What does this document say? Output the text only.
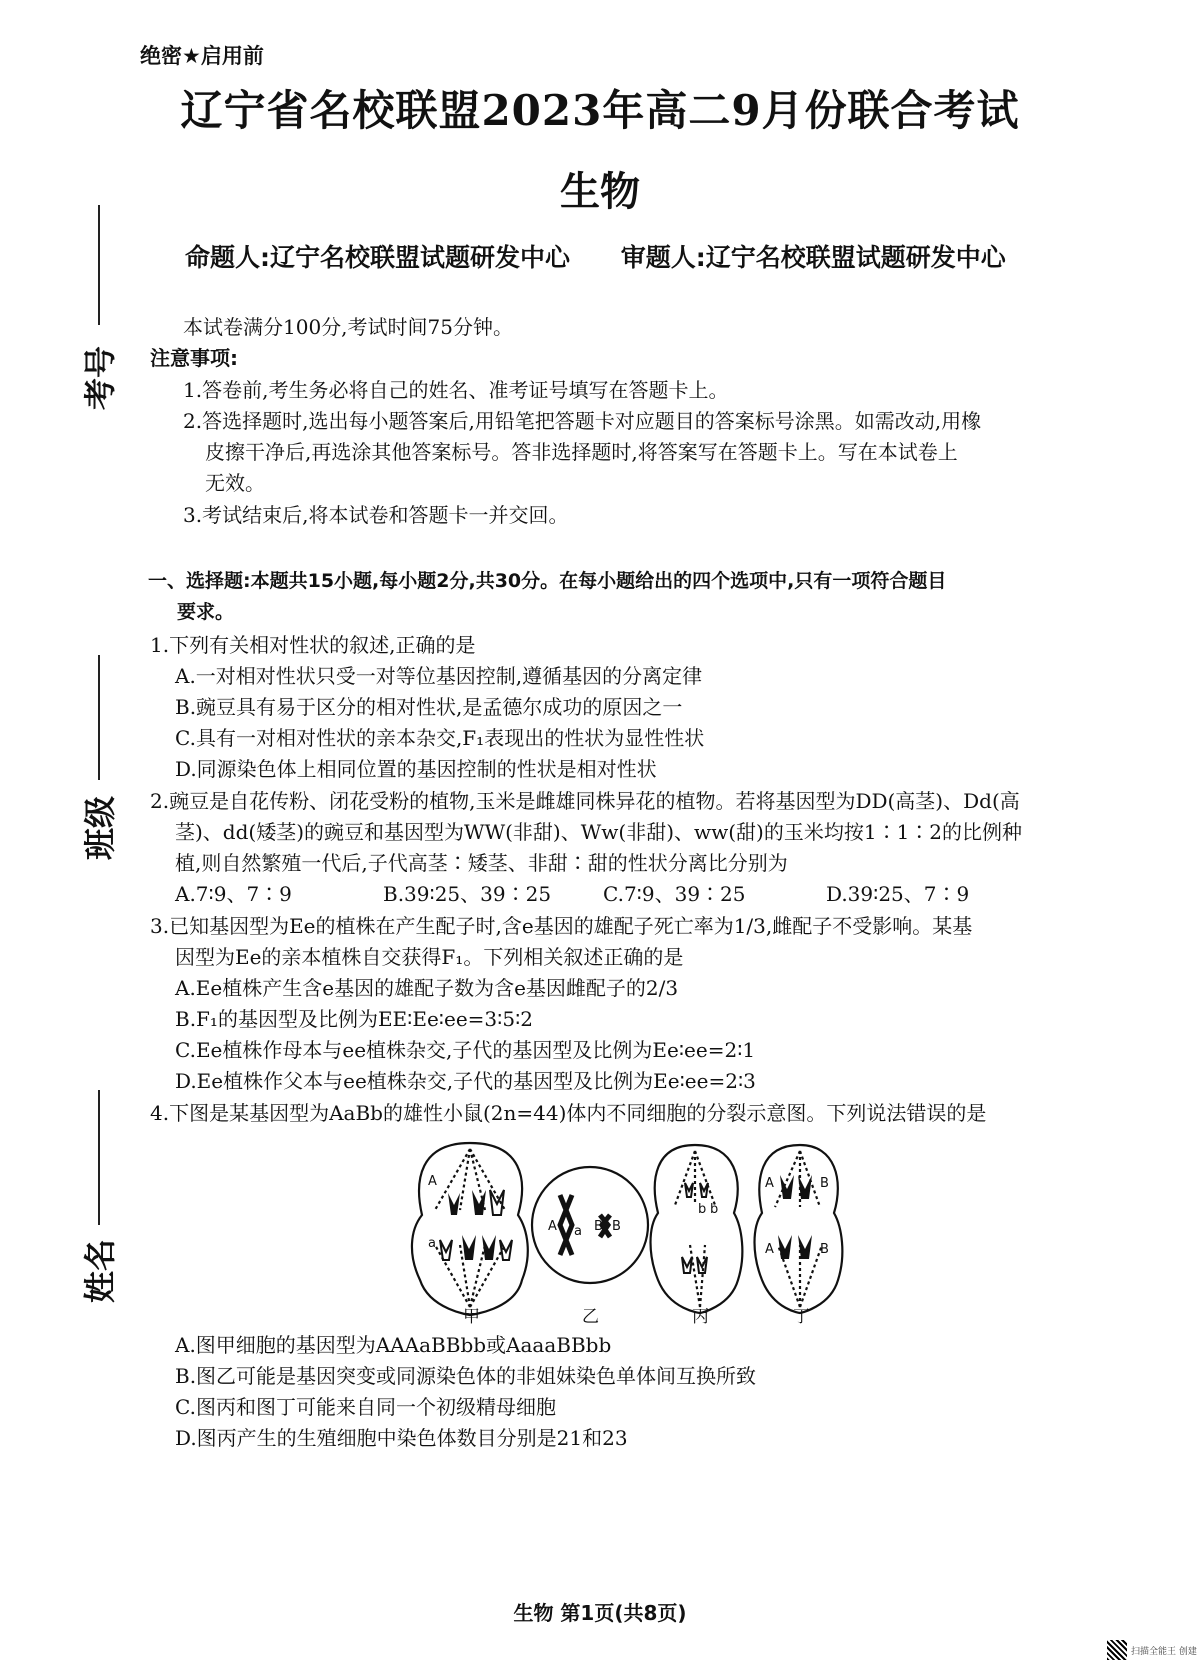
绝密★启用前
辽宁省名校联盟2023年高二9月份联合考试
生物
命题人:辽宁名校联盟试题研发中心 审题人:辽宁名校联盟试题研发中心
考号
班级
姓名
本试卷满分100分,考试时间75分钟。
注意事项:
1.答卷前,考生务必将自己的姓名、准考证号填写在答题卡上。
2.答选择题时,选出每小题答案后,用铅笔把答题卡对应题目的答案标号涂黑。如需改动,用橡
皮擦干净后,再选涂其他答案标号。答非选择题时,将答案写在答题卡上。写在本试卷上
无效。
3.考试结束后,将本试卷和答题卡一并交回。
一、选择题:本题共15小题,每小题2分,共30分。在每小题给出的四个选项中,只有一项符合题目
要求。
1.下列有关相对性状的叙述,正确的是
A.一对相对性状只受一对等位基因控制,遵循基因的分离定律
B.豌豆具有易于区分的相对性状,是孟德尔成功的原因之一
C.具有一对相对性状的亲本杂交,F₁表现出的性状为显性性状
D.同源染色体上相同位置的基因控制的性状是相对性状
2.豌豆是自花传粉、闭花受粉的植物,玉米是雌雄同株异花的植物。若将基因型为DD(高茎)、Dd(高
茎)、dd(矮茎)的豌豆和基因型为WW(非甜)、Ww(非甜)、ww(甜)的玉米均按1∶1∶2的比例种
植,则自然繁殖一代后,子代高茎∶矮茎、非甜∶甜的性状分离比分别为
A.7∶9、7∶9	B.39∶25、39∶25	C.7∶9、39∶25	D.39∶25、7∶9
3.已知基因型为Ee的植株在产生配子时,含e基因的雄配子死亡率为1/3,雌配子不受影响。某基
因型为Ee的亲本植株自交获得F₁。下列相关叙述正确的是
A.Ee植株产生含e基因的雄配子数为含e基因雌配子的2/3
B.F₁的基因型及比例为EE∶Ee∶ee=3∶5∶2
C.Ee植株作母本与ee植株杂交,子代的基因型及比例为Ee∶ee=2∶1
D.Ee植株作父本与ee植株杂交,子代的基因型及比例为Ee∶ee=2∶3
4.下图是某基因型为AaBb的雄性小鼠(2n=44)体内不同细胞的分裂示意图。下列说法错误的是
A
a
A a B B
b b
A	B
A	B
甲	乙	丙	丁
A.图甲细胞的基因型为AAAaBBbb或AaaaBBbb
B.图乙可能是基因突变或同源染色体的非姐妹染色单体间互换所致
C.图丙和图丁可能来自同一个初级精母细胞
D.图丙产生的生殖细胞中染色体数目分别是21和23
生物 第1页(共8页)
扫描全能王 创建
